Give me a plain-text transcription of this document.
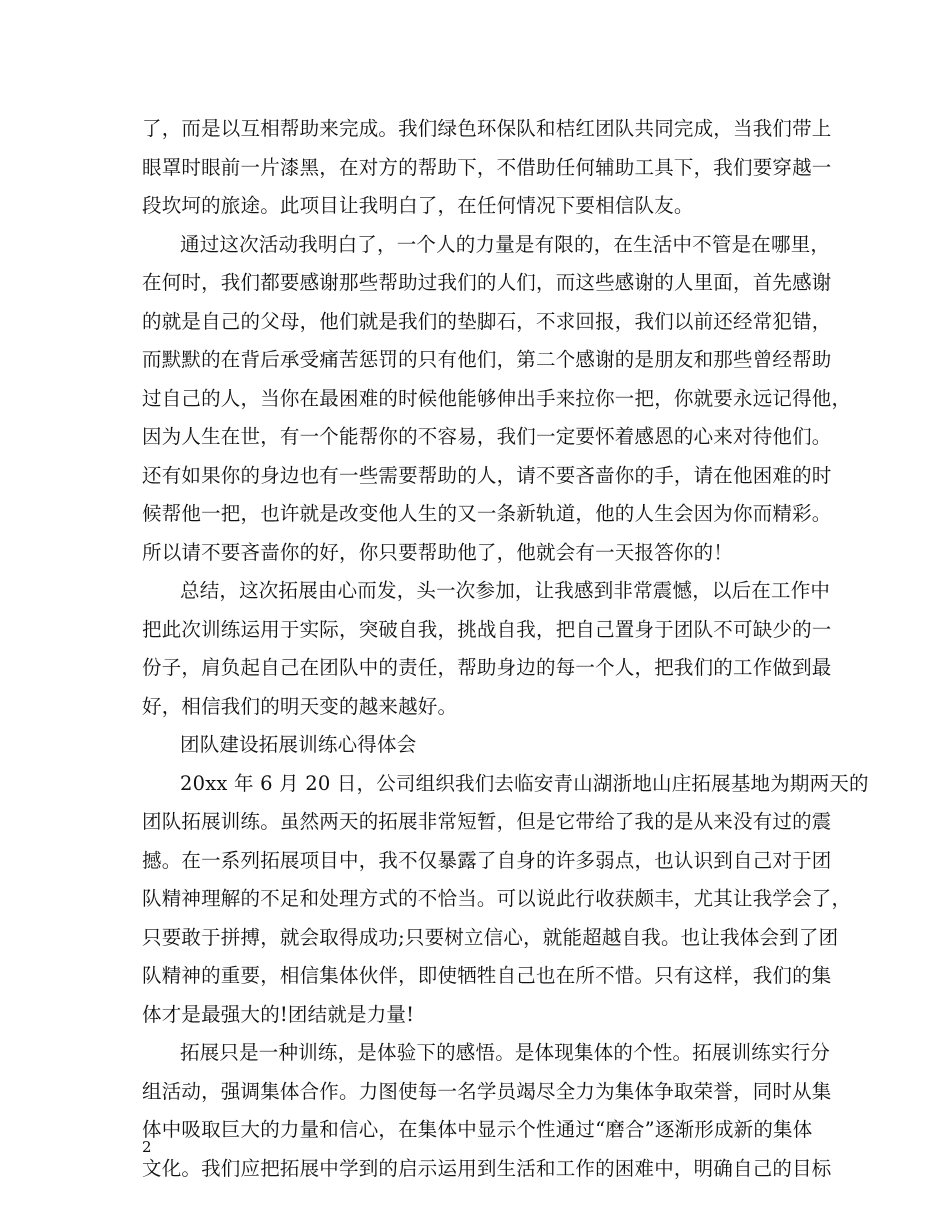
了，而是以互相帮助来完成。我们绿色环保队和桔红团队共同完成，当我们带上
眼罩时眼前一片漆黑，在对方的帮助下，不借助任何辅助工具下，我们要穿越一
段坎坷的旅途。此项目让我明白了，在任何情况下要相信队友。
通过这次活动我明白了，一个人的力量是有限的，在生活中不管是在哪里，
在何时，我们都要感谢那些帮助过我们的人们，而这些感谢的人里面，首先感谢
的就是自己的父母，他们就是我们的垫脚石，不求回报，我们以前还经常犯错，
而默默的在背后承受痛苦惩罚的只有他们，第二个感谢的是朋友和那些曾经帮助
过自己的人，当你在最困难的时候他能够伸出手来拉你一把，你就要永远记得他，
因为人生在世，有一个能帮你的不容易，我们一定要怀着感恩的心来对待他们。
还有如果你的身边也有一些需要帮助的人，请不要吝啬你的手，请在他困难的时
候帮他一把，也许就是改变他人生的又一条新轨道，他的人生会因为你而精彩。
所以请不要吝啬你的好，你只要帮助他了，他就会有一天报答你的！
总结，这次拓展由心而发，头一次参加，让我感到非常震憾，以后在工作中
把此次训练运用于实际，突破自我，挑战自我，把自己置身于团队不可缺少的一
份子，肩负起自己在团队中的责任，帮助身边的每一个人，把我们的工作做到最
好，相信我们的明天变的越来越好。
团队建设拓展训练心得体会
20xx 年 6 月 20 日，公司组织我们去临安青山湖浙地山庄拓展基地为期两天的
团队拓展训练。虽然两天的拓展非常短暂，但是它带给了我的是从来没有过的震
撼。在一系列拓展项目中，我不仅暴露了自身的许多弱点，也认识到自己对于团
队精神理解的不足和处理方式的不恰当。可以说此行收获颇丰，尤其让我学会了，
只要敢于拼搏，就会取得成功;只要树立信心，就能超越自我。也让我体会到了团
队精神的重要，相信集体伙伴，即使牺牲自己也在所不惜。只有这样，我们的集
体才是最强大的!团结就是力量!
拓展只是一种训练，是体验下的感悟。是体现集体的个性。拓展训练实行分
组活动，强调集体合作。力图使每一名学员竭尽全力为集体争取荣誉，同时从集
体中吸取巨大的力量和信心，在集体中显示个性通过“磨合”逐渐形成新的集体
文化。我们应把拓展中学到的启示运用到生活和工作的困难中，明确自己的目标
2
